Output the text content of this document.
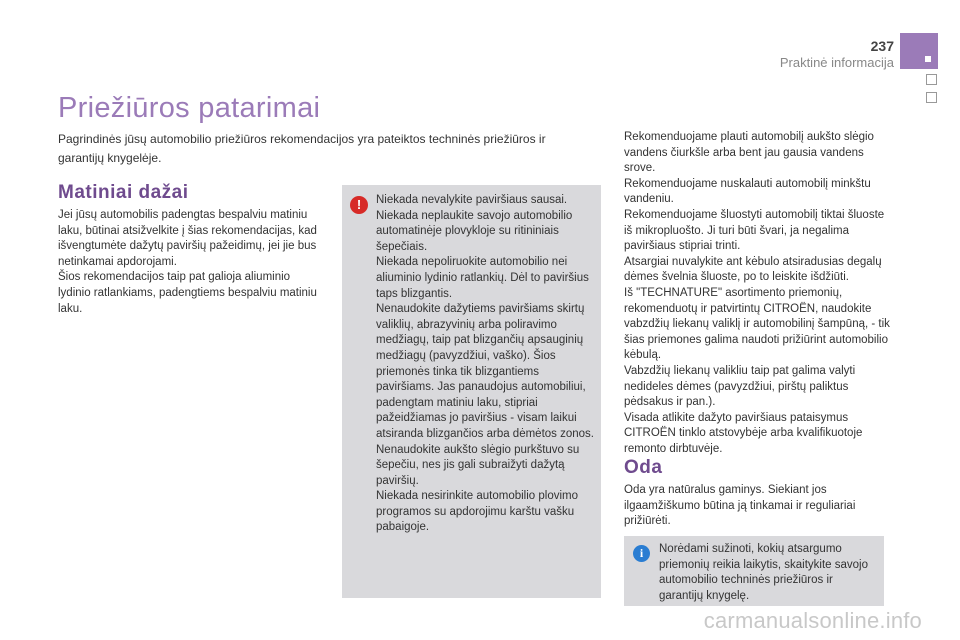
237
Praktinė informacija
Priežiūros patarimai
Pagrindinės jūsų automobilio priežiūros rekomendacijos yra pateiktos techninės priežiūros ir garantijų knygelėje.
Matiniai dažai
Jei jūsų automobilis padengtas bespalviu matiniu laku, būtinai atsižvelkite į šias rekomendacijas, kad išvengtumėte dažytų paviršių pažeidimų, jei jie bus netinkamai apdorojami.
Šios rekomendacijos taip pat galioja aliuminio lydinio ratlankiams, padengtiems bespalviu matiniu laku.
!	Niekada nevalykite paviršiaus sausai.
Niekada neplaukite savojo automobilio automatinėje plovykloje su ritininiais šepečiais.
Niekada nepoliruokite automobilio nei aliuminio lydinio ratlankių. Dėl to paviršius taps blizgantis.
Nenaudokite dažytiems paviršiams skirtų valiklių, abrazyvinių arba poliravimo medžiagų, taip pat blizgančių apsauginių medžiagų (pavyzdžiui, vaško). Šios priemonės tinka tik blizgantiems paviršiams. Jas panaudojus automobiliui, padengtam matiniu laku, stipriai pažeidžiamas jo paviršius - visam laikui atsiranda blizgančios arba dėmėtos zonos.
Nenaudokite aukšto slėgio purkštuvo su šepečiu, nes jis gali subraižyti dažytą paviršių.
Niekada nesirinkite automobilio plovimo programos su apdorojimu karštu vašku pabaigoje.
Rekomenduojame plauti automobilį aukšto slėgio vandens čiurkšle arba bent jau gausia vandens srove.
Rekomenduojame nuskalauti automobilį minkštu vandeniu.
Rekomenduojame šluostyti automobilį tiktai šluoste iš mikropluošto. Ji turi būti švari, ja negalima paviršiaus stipriai trinti.
Atsargiai nuvalykite ant kėbulo atsiradusias degalų dėmes švelnia šluoste, po to leiskite išdžiūti.
Iš "TECHNATURE" asortimento priemonių, rekomenduotų ir patvirtintų CITROËN, naudokite vabzdžių liekanų valiklį ir automobilinį šampūną, - tik šias priemones galima naudoti prižiūrint automobilio kėbulą.
Vabzdžių liekanų valikliu taip pat galima valyti nedideles dėmes (pavyzdžiui, pirštų paliktus pėdsakus ir pan.).
Visada atlikite dažyto paviršiaus pataisymus CITROËN tinklo atstovybėje arba kvalifikuotoje remonto dirbtuvėje.
Oda
Oda yra natūralus gaminys. Siekiant jos ilgaamžiškumo būtina ją tinkamai ir reguliariai prižiūrėti.
i	Norėdami sužinoti, kokių atsargumo priemonių reikia laikytis, skaitykite savojo automobilio techninės priežiūros ir garantijų knygelę.
carmanualsonline.info
